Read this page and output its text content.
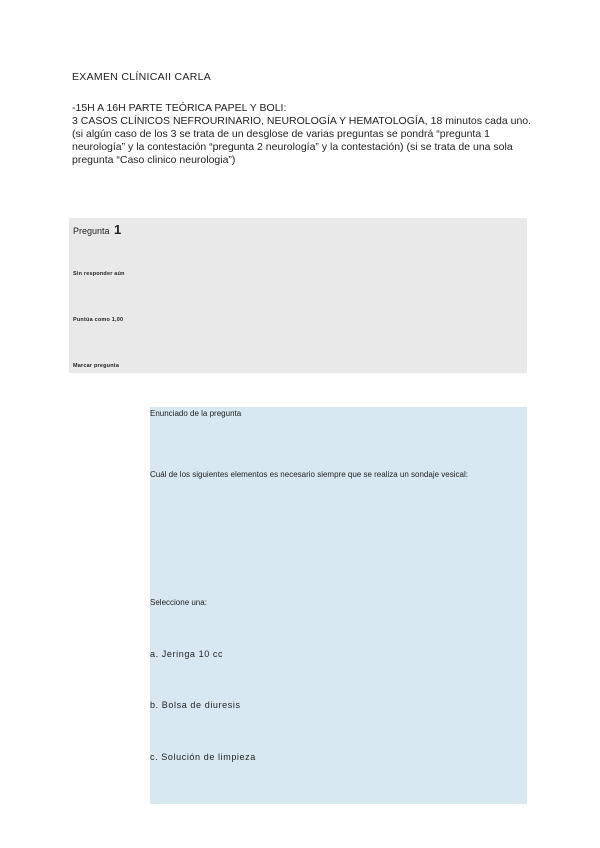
EXAMEN CLÍNICAII CARLA
-15H A 16H PARTE TEÓRICA PAPEL Y BOLI:
3 CASOS CLÍNICOS NEFROURINARIO, NEUROLOGÍA Y HEMATOLOGÍA, 18 minutos cada uno. (si algún caso de los 3 se trata de un desglose de varias preguntas se pondrá “pregunta 1 neurología” y la contestación “pregunta 2 neurología” y la contestación) (si se trata de una sola pregunta “Caso clinico neurologia”)
Pregunta 1
Sin responder aún
Puntúa como 1,00
Marcar pregunta
Enunciado de la pregunta
Cuál de los siguientes elementos es necesario siempre que se realiza un sondaje vesical:
Seleccione una:
a. Jeringa 10 cc
b. Bolsa de diuresis
c. Solución de limpieza
